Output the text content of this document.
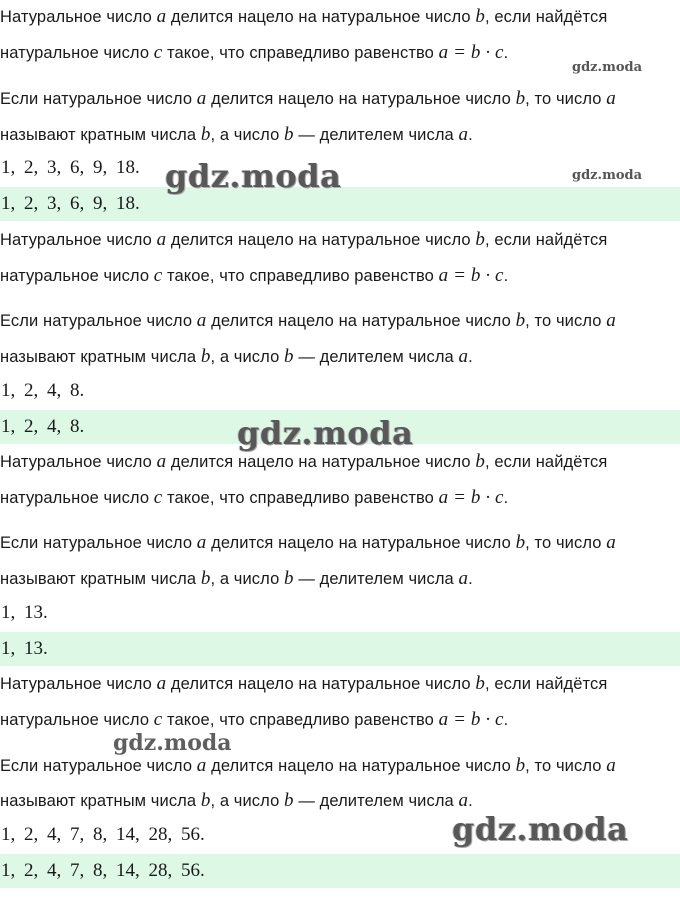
Натуральное число a делится нацело на натуральное число b, если найдётся
натуральное число c такое, что справедливо равенство a = b · c.
Если натуральное число a делится нацело на натуральное число b, то число a
называют кратным числа b, а число b — делителем числа a.
1, 2, 3, 6, 9, 18.
1, 2, 3, 6, 9, 18.
Натуральное число a делится нацело на натуральное число b, если найдётся
натуральное число c такое, что справедливо равенство a = b · c.
Если натуральное число a делится нацело на натуральное число b, то число a
называют кратным числа b, а число b — делителем числа a.
1, 2, 4, 8.
1, 2, 4, 8.
Натуральное число a делится нацело на натуральное число b, если найдётся
натуральное число c такое, что справедливо равенство a = b · c.
Если натуральное число a делится нацело на натуральное число b, то число a
называют кратным числа b, а число b — делителем числа a.
1, 13.
1, 13.
Натуральное число a делится нацело на натуральное число b, если найдётся
натуральное число c такое, что справедливо равенство a = b · c.
Если натуральное число a делится нацело на натуральное число b, то число a
называют кратным числа b, а число b — делителем числа a.
1, 2, 4, 7, 8, 14, 28, 56.
1, 2, 4, 7, 8, 14, 28, 56.
gdz.moda
gdz.moda	gdz.moda
gdz.moda
gdz.moda
gdz.moda
